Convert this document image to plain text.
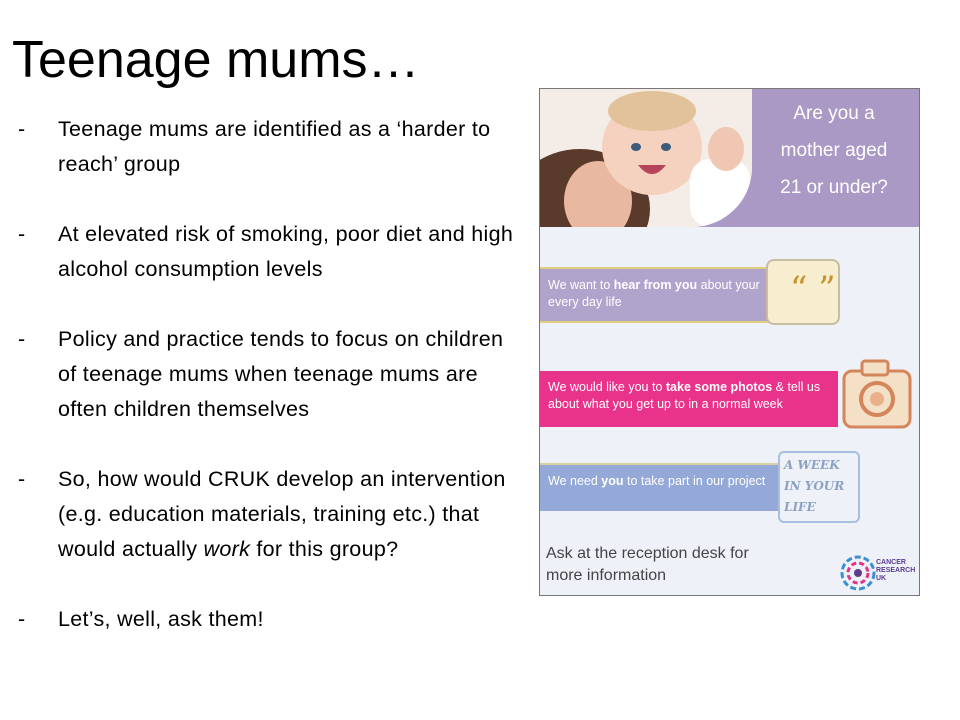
Teenage mums…
- Teenage mums are identified as a ‘harder to reach’ group
- At elevated risk of smoking, poor diet and high alcohol consumption levels
- Policy and practice tends to focus on children of teenage mums when teenage mums are often children themselves
- So, how would CRUK develop an intervention (e.g. education materials, training etc.) that would actually work for this group?
- Let’s, well, ask them!
Are you a
mother aged
21 or under?
We want to hear from you about your every day life	“ ”
We would like you to take some photos & tell us about what you get up to in a normal week
We need you to take part in our project
A WEEK
IN YOUR
LIFE

Ask at the reception desk for more information

CANCER
RESEARCH
UK
